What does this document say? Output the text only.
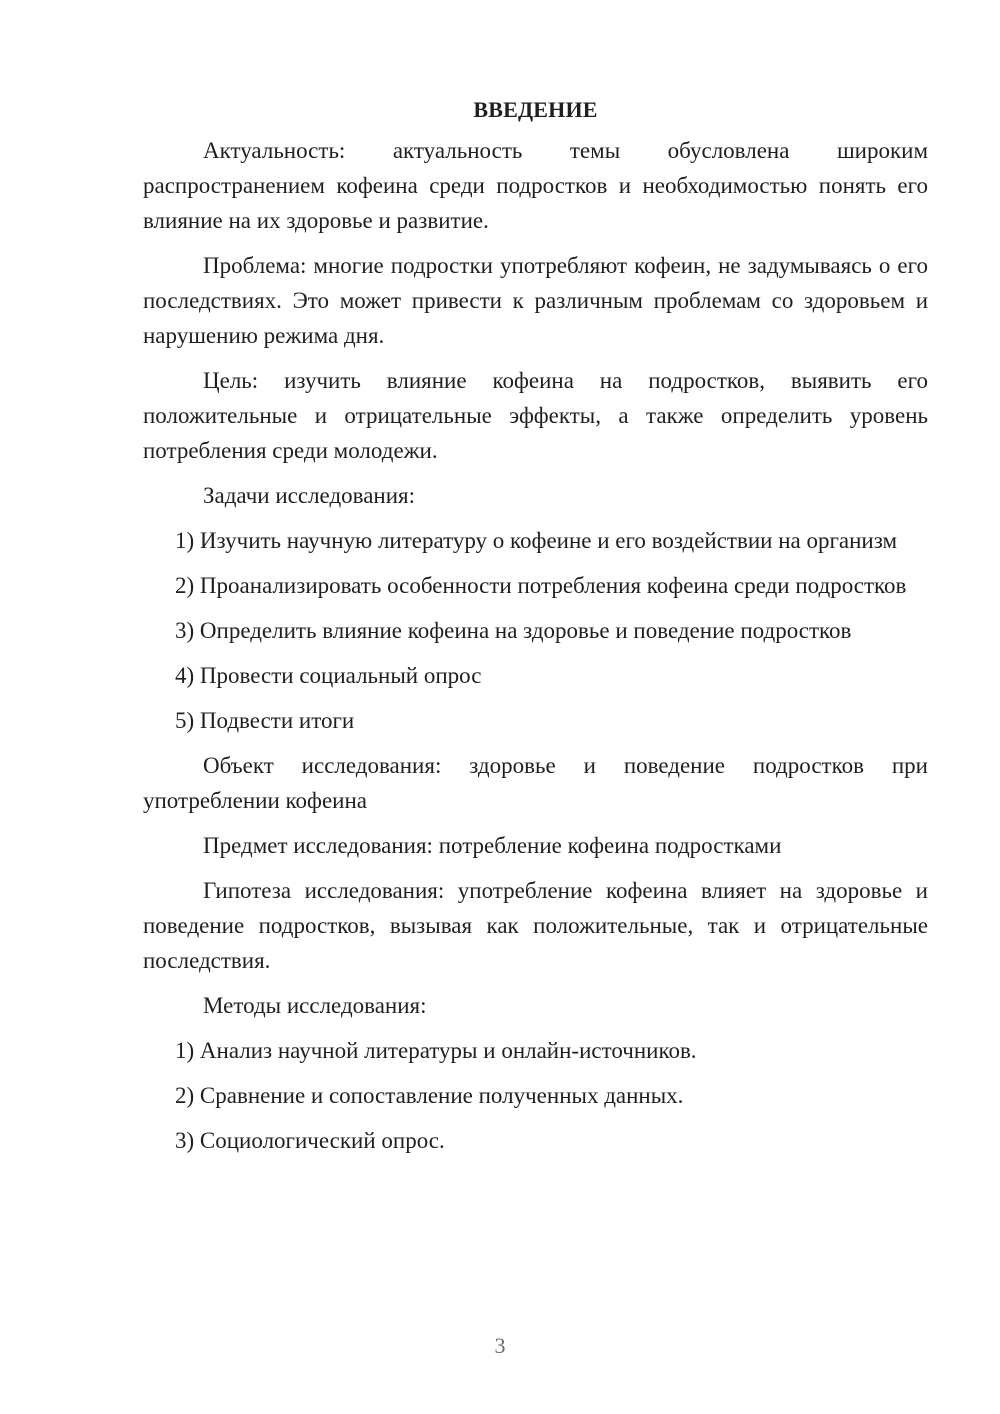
ВВЕДЕНИЕ

Актуальность: актуальность темы обусловлена широким распространением кофеина среди подростков и необходимостью понять его влияние на их здоровье и развитие.

Проблема: многие подростки употребляют кофеин, не задумываясь о его последствиях. Это может привести к различным проблемам со здоровьем и нарушению режима дня.

Цель: изучить влияние кофеина на подростков, выявить его положительные и отрицательные эффекты, а также определить уровень потребления среди молодежи.

Задачи исследования:

1) Изучить научную литературу о кофеине и его воздействии на организм

2) Проанализировать особенности потребления кофеина среди подростков

3) Определить влияние кофеина на здоровье и поведение подростков

4) Провести социальный опрос

5) Подвести итоги

Объект исследования: здоровье и поведение подростков при употреблении кофеина

Предмет исследования: потребление кофеина подростками

Гипотеза исследования: употребление кофеина влияет на здоровье и поведение подростков, вызывая как положительные, так и отрицательные последствия.

Методы исследования:

1) Анализ научной литературы и онлайн-источников.

2) Сравнение и сопоставление полученных данных.

3) Социологический опрос.

3
